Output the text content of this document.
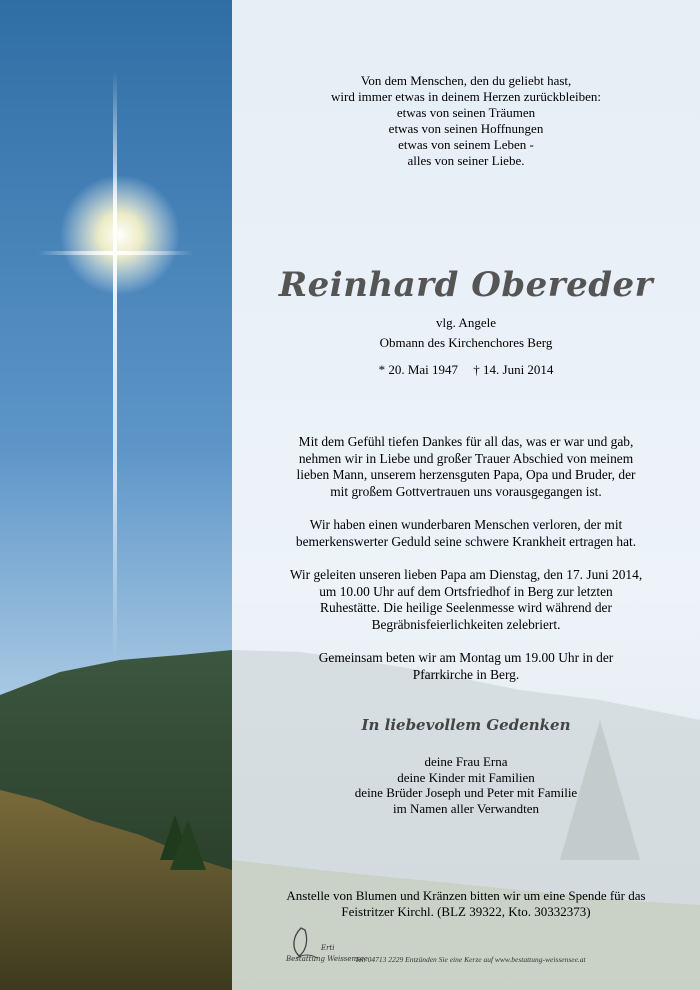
Von dem Menschen, den du geliebt hast,
wird immer etwas in deinem Herzen zurückbleiben:
etwas von seinen Träumen
etwas von seinen Hoffnungen
etwas von seinem Leben -
alles von seiner Liebe.
Reinhard Obereder
vlg. Angele
Obmann des Kirchenchores Berg
* 20. Mai 1947 † 14. Juni 2014

Mit dem Gefühl tiefen Dankes für all das, was er war und gab,
nehmen wir in Liebe und großer Trauer Abschied von meinem
lieben Mann, unserem herzensguten Papa, Opa und Bruder, der
mit großem Gottvertrauen uns vorausgegangen ist.

Wir haben einen wunderbaren Menschen verloren, der mit
bemerkenswerter Geduld seine schwere Krankheit ertragen hat.

Wir geleiten unseren lieben Papa am Dienstag, den 17. Juni 2014,
um 10.00 Uhr auf dem Ortsfriedhof in Berg zur letzten
Ruhestätte. Die heilige Seelenmesse wird während der
Begräbnisfeierlichkeiten zelebriert.

Gemeinsam beten wir am Montag um 19.00 Uhr in der
Pfarrkirche in Berg.

In liebevollem Gedenken
deine Frau Erna
deine Kinder mit Familien
deine Brüder Joseph und Peter mit Familie
im Namen aller Verwandten
Anstelle von Blumen und Kränzen bitten wir um eine Spende für das
Feistritzer Kirchl. (BLZ 39322, Kto. 30332373)
Erti
Bestattung Weissensee
Tel. 04713 2229 Entzünden Sie eine Kerze auf www.bestattung-weissensee.at
